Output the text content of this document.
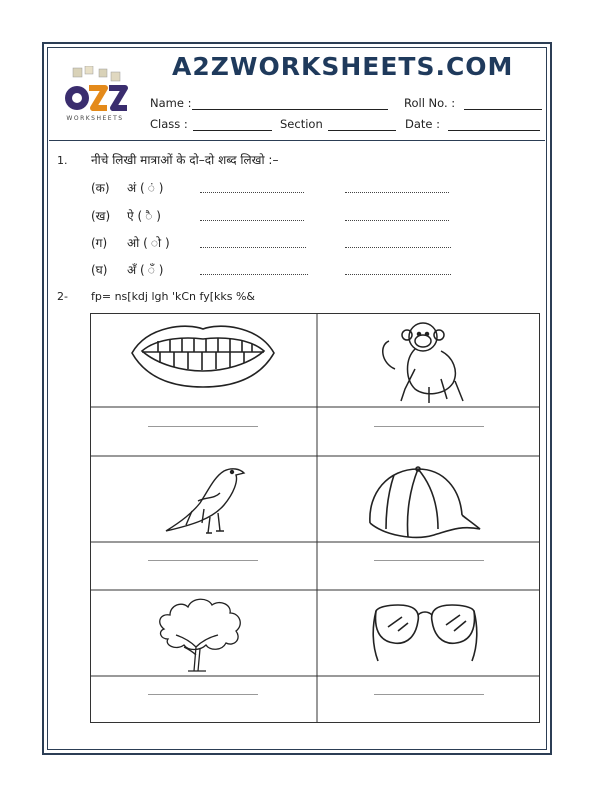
WORKSHEETS
A2ZWORKSHEETS.COM
Name :	Roll No. :
Class :	Section	Date :
1. नीचे लिखी मात्राओं के दो–दो शब्द लिखो :–
(क) अं ( ं )
(ख) ऐ ( ै )
(ग) ओ ( ो )
(घ) अँ ( ँ )
2- fp= ns[kdj lgh 'kCn fy[kks %&
